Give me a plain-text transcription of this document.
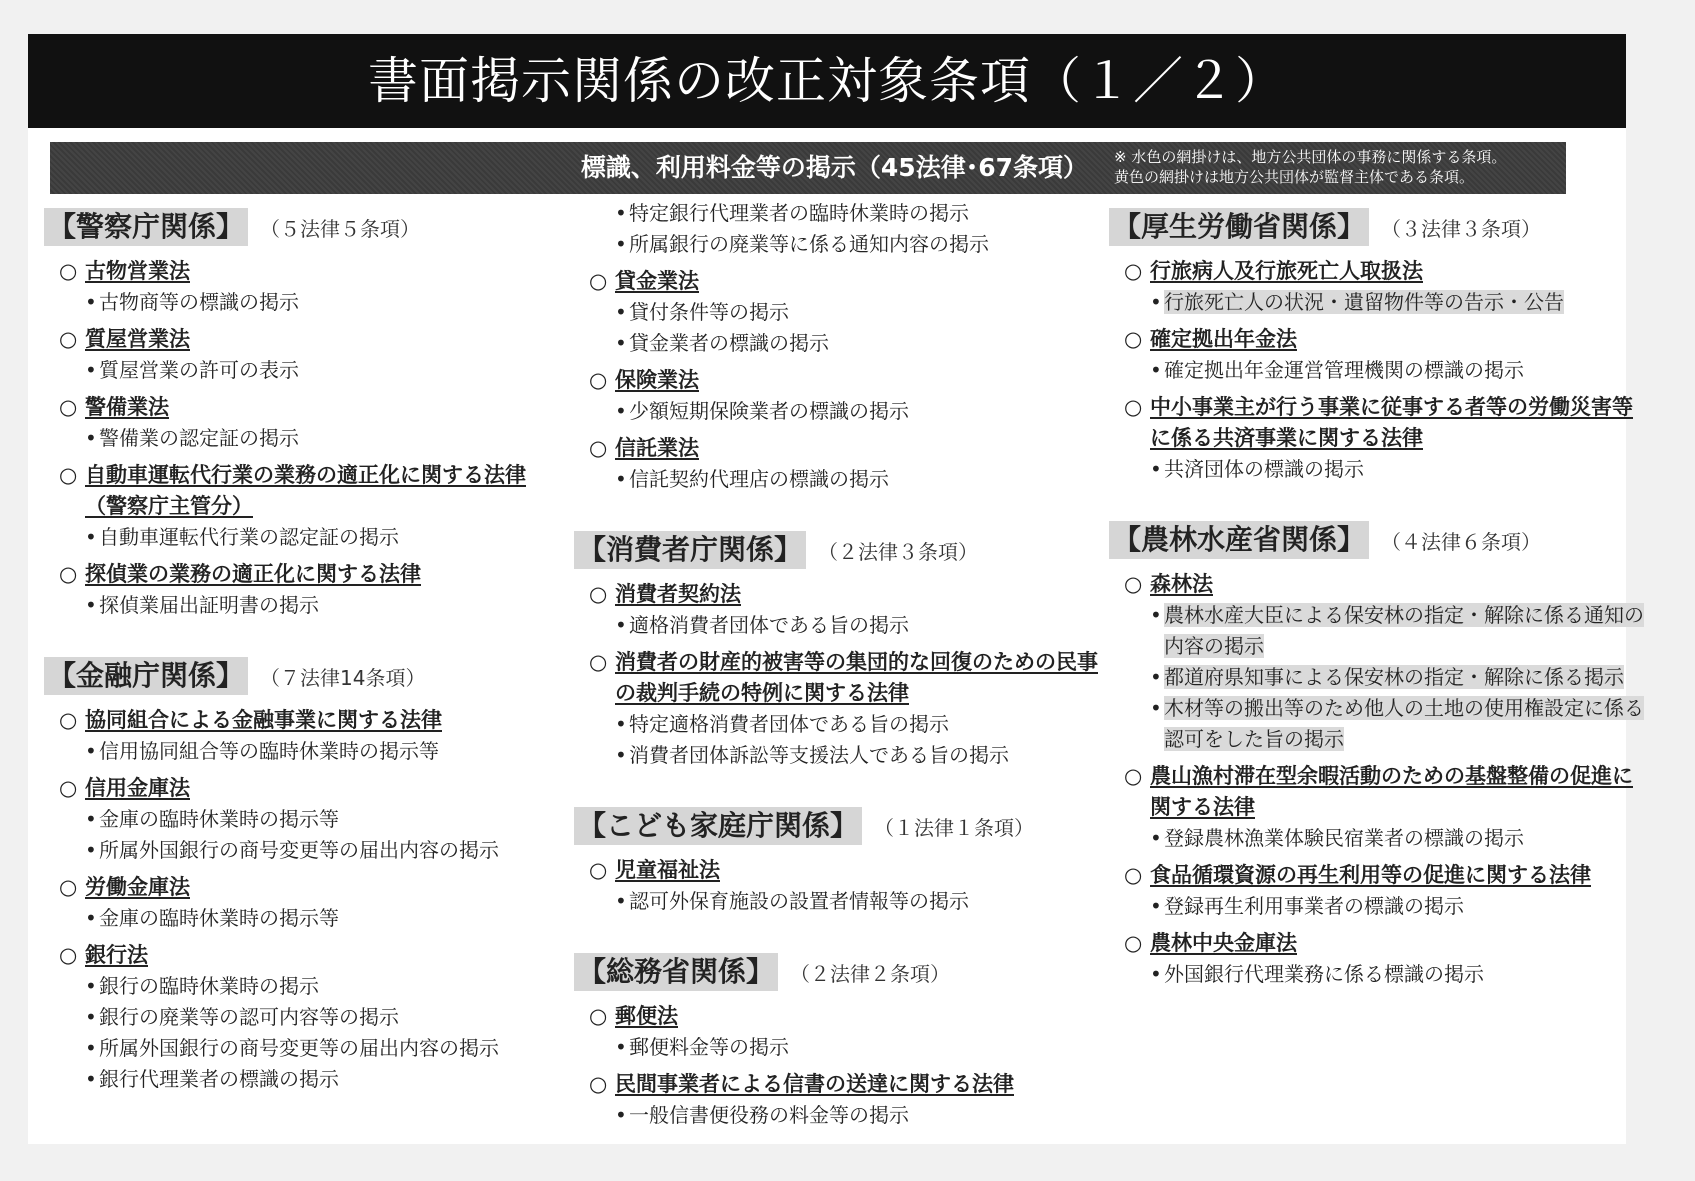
書面掲示関係の改正対象条項（１／２）
標識、利用料金等の掲示（45法律･67条項）	※ 水色の網掛けは、地方公共団体の事務に関係する条項。
黄色の網掛けは地方公共団体が監督主体である条項。
【警察庁関係】 （５法律５条項）
○ 古物営業法
• 古物商等の標識の掲示
○ 質屋営業法
• 質屋営業の許可の表示
○ 警備業法
• 警備業の認定証の掲示
○ 自動車運転代行業の業務の適正化に関する法律（警察庁主管分）
• 自動車運転代行業の認定証の掲示
○ 探偵業の業務の適正化に関する法律
• 探偵業届出証明書の掲示
【金融庁関係】 （７法律14条項）
○ 協同組合による金融事業に関する法律
• 信用協同組合等の臨時休業時の掲示等
○ 信用金庫法
• 金庫の臨時休業時の掲示等
• 所属外国銀行の商号変更等の届出内容の掲示
○ 労働金庫法
• 金庫の臨時休業時の掲示等
○ 銀行法
• 銀行の臨時休業時の掲示
• 銀行の廃業等の認可内容等の掲示
• 所属外国銀行の商号変更等の届出内容の掲示
• 銀行代理業者の標識の掲示
• 特定銀行代理業者の臨時休業時の掲示
• 所属銀行の廃業等に係る通知内容の掲示
○ 貸金業法
• 貸付条件等の掲示
• 貸金業者の標識の掲示
○ 保険業法
• 少額短期保険業者の標識の掲示
○ 信託業法
• 信託契約代理店の標識の掲示
【消費者庁関係】 （２法律３条項）
○ 消費者契約法
• 適格消費者団体である旨の掲示
○ 消費者の財産的被害等の集団的な回復のための民事の裁判手続の特例に関する法律
• 特定適格消費者団体である旨の掲示
• 消費者団体訴訟等支援法人である旨の掲示
【こども家庭庁関係】 （１法律１条項）
○ 児童福祉法
• 認可外保育施設の設置者情報等の掲示
【総務省関係】 （２法律２条項）
○ 郵便法
• 郵便料金等の掲示
○ 民間事業者による信書の送達に関する法律
• 一般信書便役務の料金等の掲示
【厚生労働省関係】 （３法律３条項）
○ 行旅病人及行旅死亡人取扱法
• 行旅死亡人の状況・遺留物件等の告示・公告
○ 確定拠出年金法
• 確定拠出年金運営管理機関の標識の掲示
○ 中小事業主が行う事業に従事する者等の労働災害等に係る共済事業に関する法律
• 共済団体の標識の掲示
【農林水産省関係】 （４法律６条項）
○ 森林法
• 農林水産大臣による保安林の指定・解除に係る通知の内容の掲示
• 都道府県知事による保安林の指定・解除に係る掲示
• 木材等の搬出等のため他人の土地の使用権設定に係る認可をした旨の掲示
○ 農山漁村滞在型余暇活動のための基盤整備の促進に関する法律
• 登録農林漁業体験民宿業者の標識の掲示
○ 食品循環資源の再生利用等の促進に関する法律
• 登録再生利用事業者の標識の掲示
○ 農林中央金庫法
• 外国銀行代理業務に係る標識の掲示
